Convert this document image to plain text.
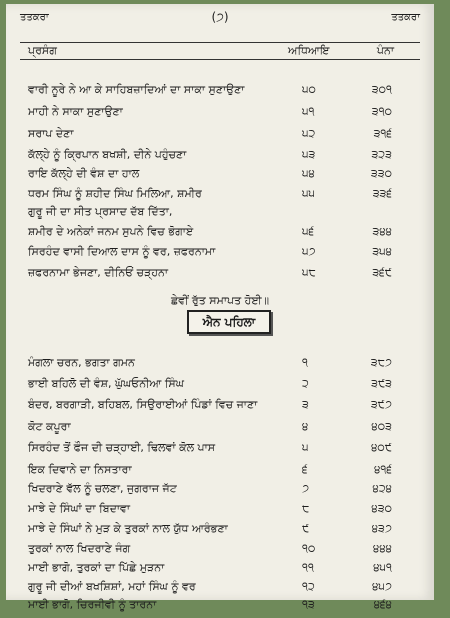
ਤਤਕਰਾ	(੭)	ਤਤਕਰਾ
ਪ੍ਰਸੰਗ	ਅਧਿਆਇ	ਪੰਨਾ
ਵਾਰੀ ਨੂਰੇ ਨੇ ਆ ਕੇ ਸਾਹਿਬਜ਼ਾਦਿਆਂ ਦਾ ਸਾਕਾ ਸੁਣਾਉਣਾ	੫੦	੩੦੧
ਮਾਹੀ ਨੇ ਸਾਕਾ ਸੁਣਾਉਣਾ	੫੧	੩੧੦
ਸਰਾਪ ਦੇਣਾ	੫੨	੩੧੬
ਕੱਲ੍ਹੇ ਨੂੰ ਕ੍ਰਿਪਾਨ ਬਖਸ਼ੀ, ਦੀਨੇ ਪਹੁੰਚਣਾ	੫੩	੩੨੩
ਰਾਇ ਕੱਲ੍ਹੇ ਦੀ ਵੰਸ਼ ਦਾ ਹਾਲ	੫੪	੩੩੦
ਧਰਮ ਸਿੰਘ ਨੂੰ ਸ਼ਹੀਦ ਸਿੰਘ ਮਿਲਿਆ, ਸ਼ਮੀਰ	੫੫	੩੩੬
ਗੁਰੂ ਜੀ ਦਾ ਸੀਤ ਪ੍ਰਸਾਦ ਦੱਬ ਦਿੱਤਾ,
ਸ਼ਮੀਰ ਦੇ ਅਨੇਕਾਂ ਜਨਮ ਸੁਪਨੇ ਵਿਚ ਭੋਗਾਏ	੫੬	੩੪੪
ਸਿਰਹੰਦ ਵਾਸੀ ਦਿਆਲ ਦਾਸ ਨੂੰ ਵਰ, ਜ਼ਫਰਨਾਮਾ	੫੭	੩੫੪
ਜ਼ਫਰਨਾਮਾ ਭੇਜਣਾ, ਦੀਨਿਓਂ ਚੜ੍ਹਨਾ	੫੮	੩੬੯
ਛੇਵੀਂ ਰੁੱਤ ਸਮਾਪਤ ਹੋਈ॥
ਐਨ ਪਹਿਲਾ
ਮੰਗਲਾ ਚਰਨ, ਭਗਤਾ ਗਮਨ	੧	੩੮੭
ਭਾਈ ਬਹਿਲੋ ਦੀ ਵੰਸ਼, ਘੁੱਘਓਨੀਆ ਸਿੰਘ	੨	੩੯੩
ਬੰਦਰ, ਬਰਗਾੜੀ, ਬਹਿਬਲ, ਸਿਉਰਾਈਆਂ ਪਿੰਡਾਂ ਵਿਚ ਜਾਣਾ	੩	੩੯੭
ਕੋਟ ਕਪੂਰਾ	੪	੪੦੩
ਸਿਰਹੰਦ ਤੋਂ ਫੌਜ ਦੀ ਚੜ੍ਹਾਈ, ਢਿਲਵਾਂ ਕੋਲ ਪਾਸ	੫	੪੦੯
ਇਕ ਦਿਵਾਨੇ ਦਾ ਨਿਸਤਾਰਾ	੬	੪੧੬
ਖਿਦਰਾਣੇ ਵੱਲ ਨੂੰ ਚਲਣਾ, ਜੁਗਰਾਜ ਜੱਟ	੭	੪੨੪
ਮਾਝੇ ਦੇ ਸਿੰਘਾਂ ਦਾ ਬਿਦਾਵਾ	੮	੪੩੦
ਮਾਝੇ ਦੇ ਸਿੰਘਾਂ ਨੇ ਮੁੜ ਕੇ ਤੁਰਕਾਂ ਨਾਲ ਯੁੱਧ ਆਰੰਭਣਾ	੯	੪੩੭
ਤੁਰਕਾਂ ਨਾਲ ਖਿਦਰਾਣੇ ਜੰਗ	੧੦	੪੪੪
ਮਾਈ ਭਾਗੋ, ਤੁਰਕਾਂ ਦਾ ਪਿੱਛੇ ਮੁੜਨਾ	੧੧	੪੫੧
ਗੁਰੂ ਜੀ ਦੀਆਂ ਬਖਸ਼ਿਸ਼ਾਂ, ਮਹਾਂ ਸਿੰਘ ਨੂੰ ਵਰ	੧੨	੪੫੭
ਮਾਈ ਭਾਗੋ, ਚਿਰਜੀਵੀ ਨੂੰ ਤਾਰਨਾ	੧੩	੪੬੪
